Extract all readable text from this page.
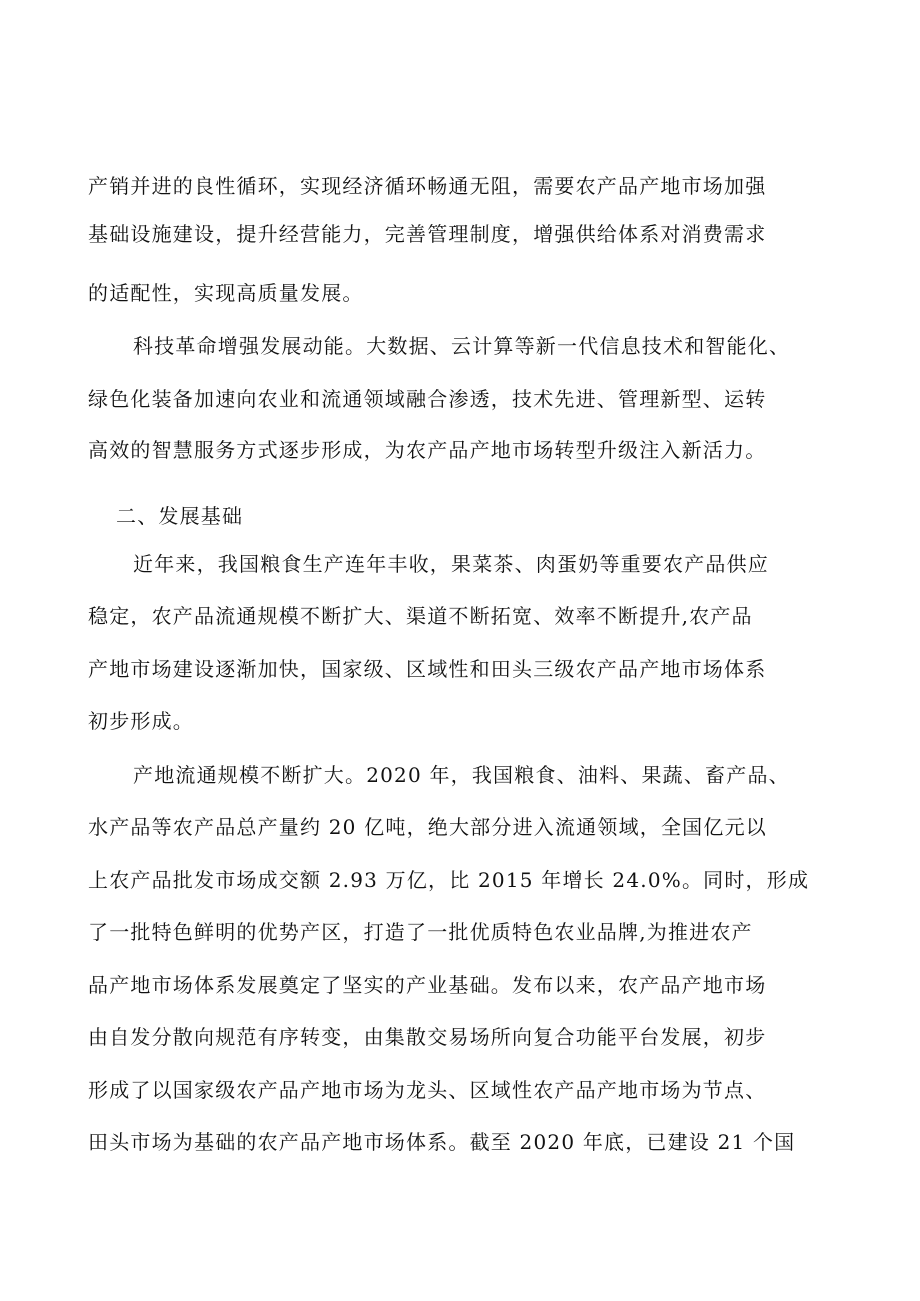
产销并进的良性循环，实现经济循环畅通无阻，需要农产品产地市场加强
基础设施建设，提升经营能力，完善管理制度，增强供给体系对消费需求
的适配性，实现高质量发展。
科技革命增强发展动能。大数据、云计算等新一代信息技术和智能化、
绿色化装备加速向农业和流通领域融合渗透，技术先进、管理新型、运转
高效的智慧服务方式逐步形成，为农产品产地市场转型升级注入新活力。
二、发展基础
近年来，我国粮食生产连年丰收，果菜茶、肉蛋奶等重要农产品供应
稳定，农产品流通规模不断扩大、渠道不断拓宽、效率不断提升,农产品
产地市场建设逐渐加快，国家级、区域性和田头三级农产品产地市场体系
初步形成。
产地流通规模不断扩大。2020 年，我国粮食、油料、果蔬、畜产品、
水产品等农产品总产量约 20 亿吨，绝大部分进入流通领域，全国亿元以
上农产品批发市场成交额 2.93 万亿，比 2015 年增长 24.0%。同时，形成
了一批特色鲜明的优势产区，打造了一批优质特色农业品牌,为推进农产
品产地市场体系发展奠定了坚实的产业基础。发布以来，农产品产地市场
由自发分散向规范有序转变，由集散交易场所向复合功能平台发展，初步
形成了以国家级农产品产地市场为龙头、区域性农产品产地市场为节点、
田头市场为基础的农产品产地市场体系。截至 2020 年底，已建设 21 个国
